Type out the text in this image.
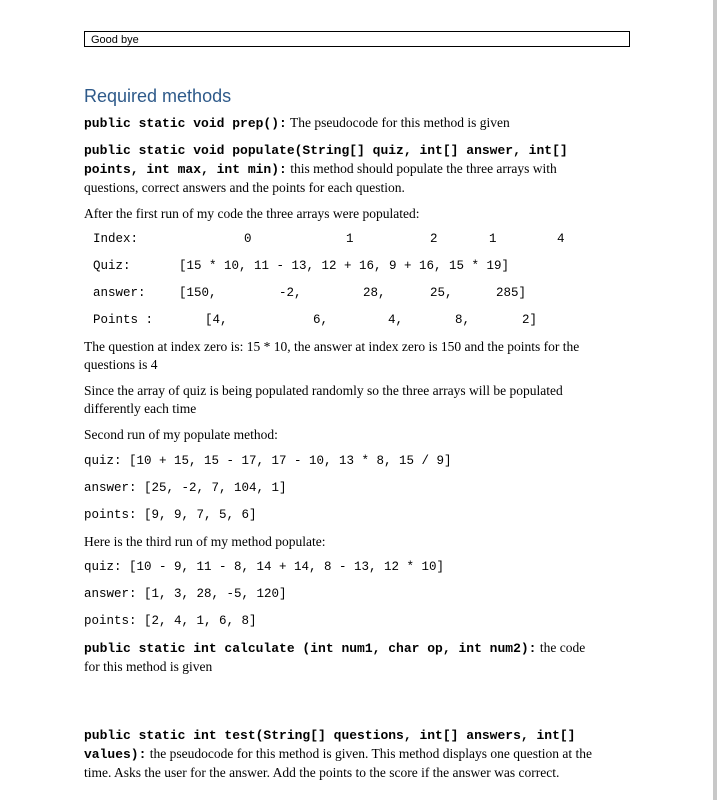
Good bye
Required methods
public static void prep(): The pseudocode for this method is given
public static void populate(String[] quiz, int[] answer, int[]
points, int max, int min): this method should populate the three arrays with
questions, correct answers and the points for each question.
After the first run of my code the three arrays were populated:
Index:	0	1	2	1	4
Quiz:	[15 * 10, 11 - 13, 12 + 16, 9 + 16, 15 * 19]
answer:	[150,	-2,	28,	25,	285]
Points :	[4,	6,	4,	8,	2]
The question at index zero is: 15 * 10, the answer at index zero is 150 and the points for the
questions is 4
Since the array of quiz is being populated randomly so the three arrays will be populated
differently each time
Second run of my populate method:
quiz: [10 + 15, 15 - 17, 17 - 10, 13 * 8, 15 / 9]
answer: [25, -2, 7, 104, 1]
points: [9, 9, 7, 5, 6]
Here is the third run of my method populate:
quiz: [10 - 9, 11 - 8, 14 + 14, 8 - 13, 12 * 10]
answer: [1, 3, 28, -5, 120]
points: [2, 4, 1, 6, 8]
public static int calculate (int num1, char op, int num2): the code
for this method is given
public static int test(String[] questions, int[] answers, int[]
values): the pseudocode for this method is given. This method displays one question at the
time. Asks the user for the answer. Add the points to the score if the answer was correct.
